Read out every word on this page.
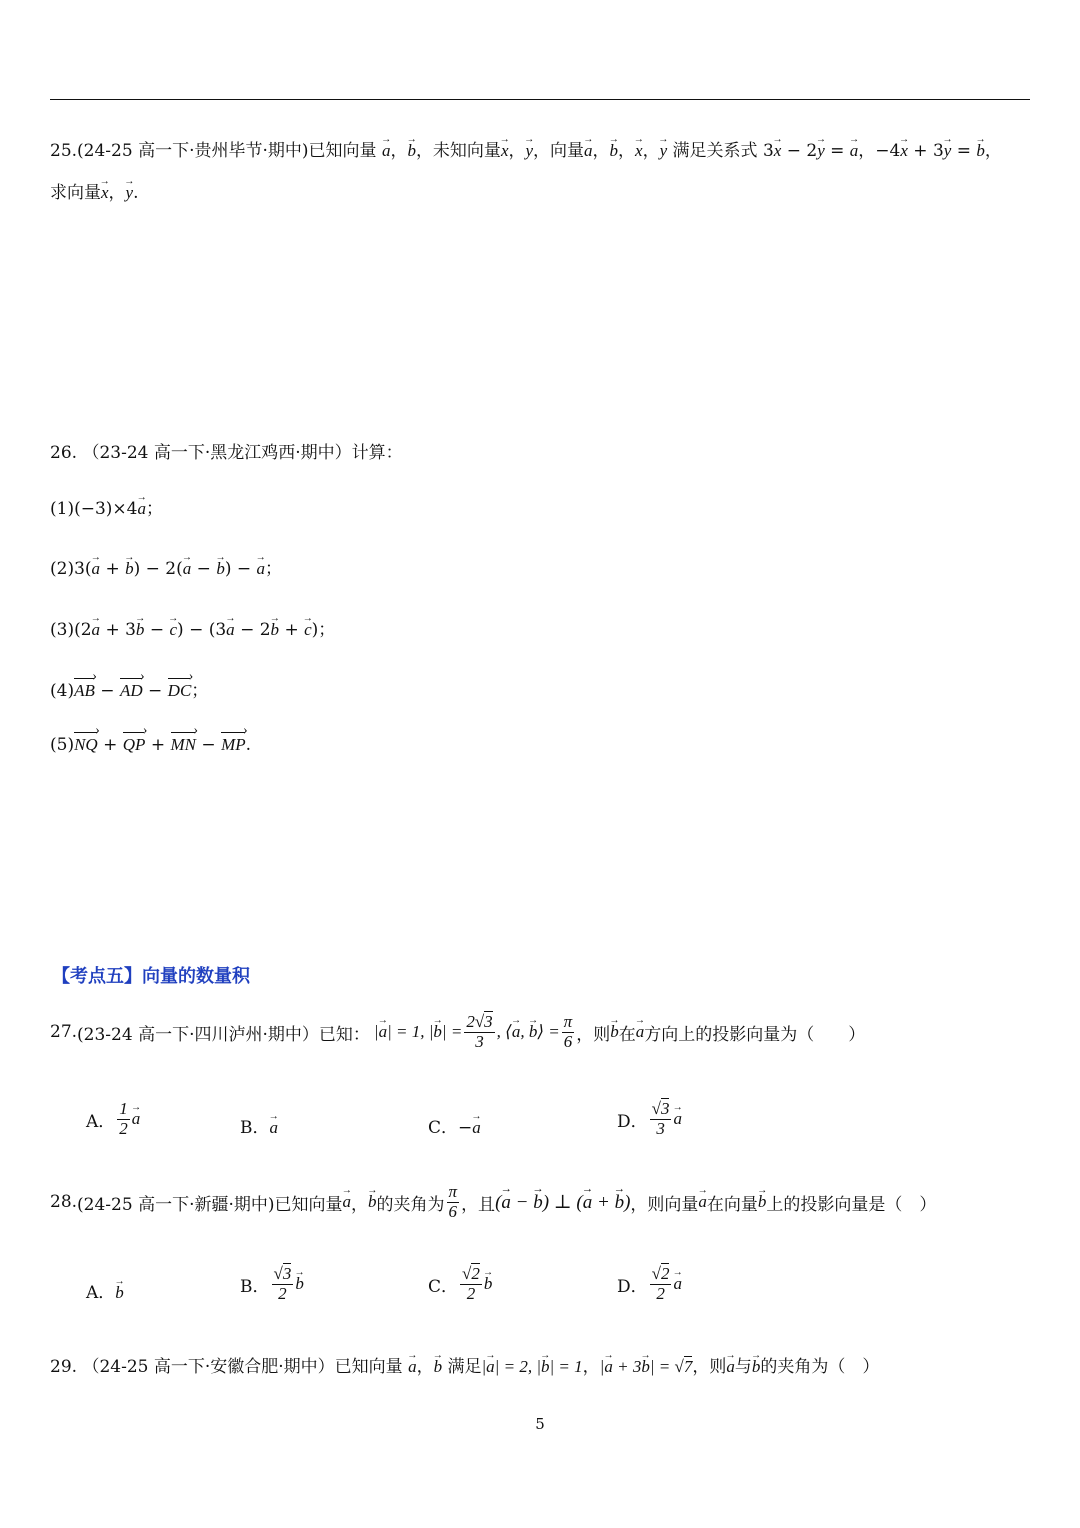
25.(24-25 高一下·贵州毕节·期中)已知向量 a →，b →，未知向量x →，y →，向量a →，b →，x →，y → 满足关系式 3x → − 2y → = a →，−4x → + 3y → = b →，
求向量x →，y →.
26. （23-24 高一下·黑龙江鸡西·期中）计算：
(1)(−3)×4a →；
(2)3(a → + b →) − 2(a → − b →) − a →；
(3)(2a → + 3b → − c →) − (3a → − 2b → + c →)；
(4)AB › − AD › − DC ›；
(5)NQ › + QP › + MN › − MP ›.
【考点五】向量的数量积
27. (23-24 高一下·四川泸州·期中）已知： |a →| = 1, |b →| = $\frac{2 √ 3}{3}$ , ⟨a →, b →⟩ = $\frac{\pi}{6}$ ，则 b → 在 a → 方向上的投影向量为（　　）
A． $\frac{1}{2}$ a →	B．a →	C．−a →	D． √ $\frac{3}{3}$ a →
28. (24-25 高一下·新疆·期中) 已知向量 a → ， b → 的夹角为 $\frac{\pi}{6}$ ，且 (a → − b →) ⊥ (a → + b →) ，则向量 a → 在向量 b → 上的投影向量是（　）
A．b →	B． √ $\frac{3}{2}$ b →	C． √ $\frac{2}{2}$ b →	D． √ $\frac{2}{2}$ a →
29. （24-25 高一下·安徽合肥·期中）已知向量 a →，b → 满足|a →| = 2, |b →| = 1，|a → + 3b →| = √ 7，则a →与b →的夹角为（　）
5
